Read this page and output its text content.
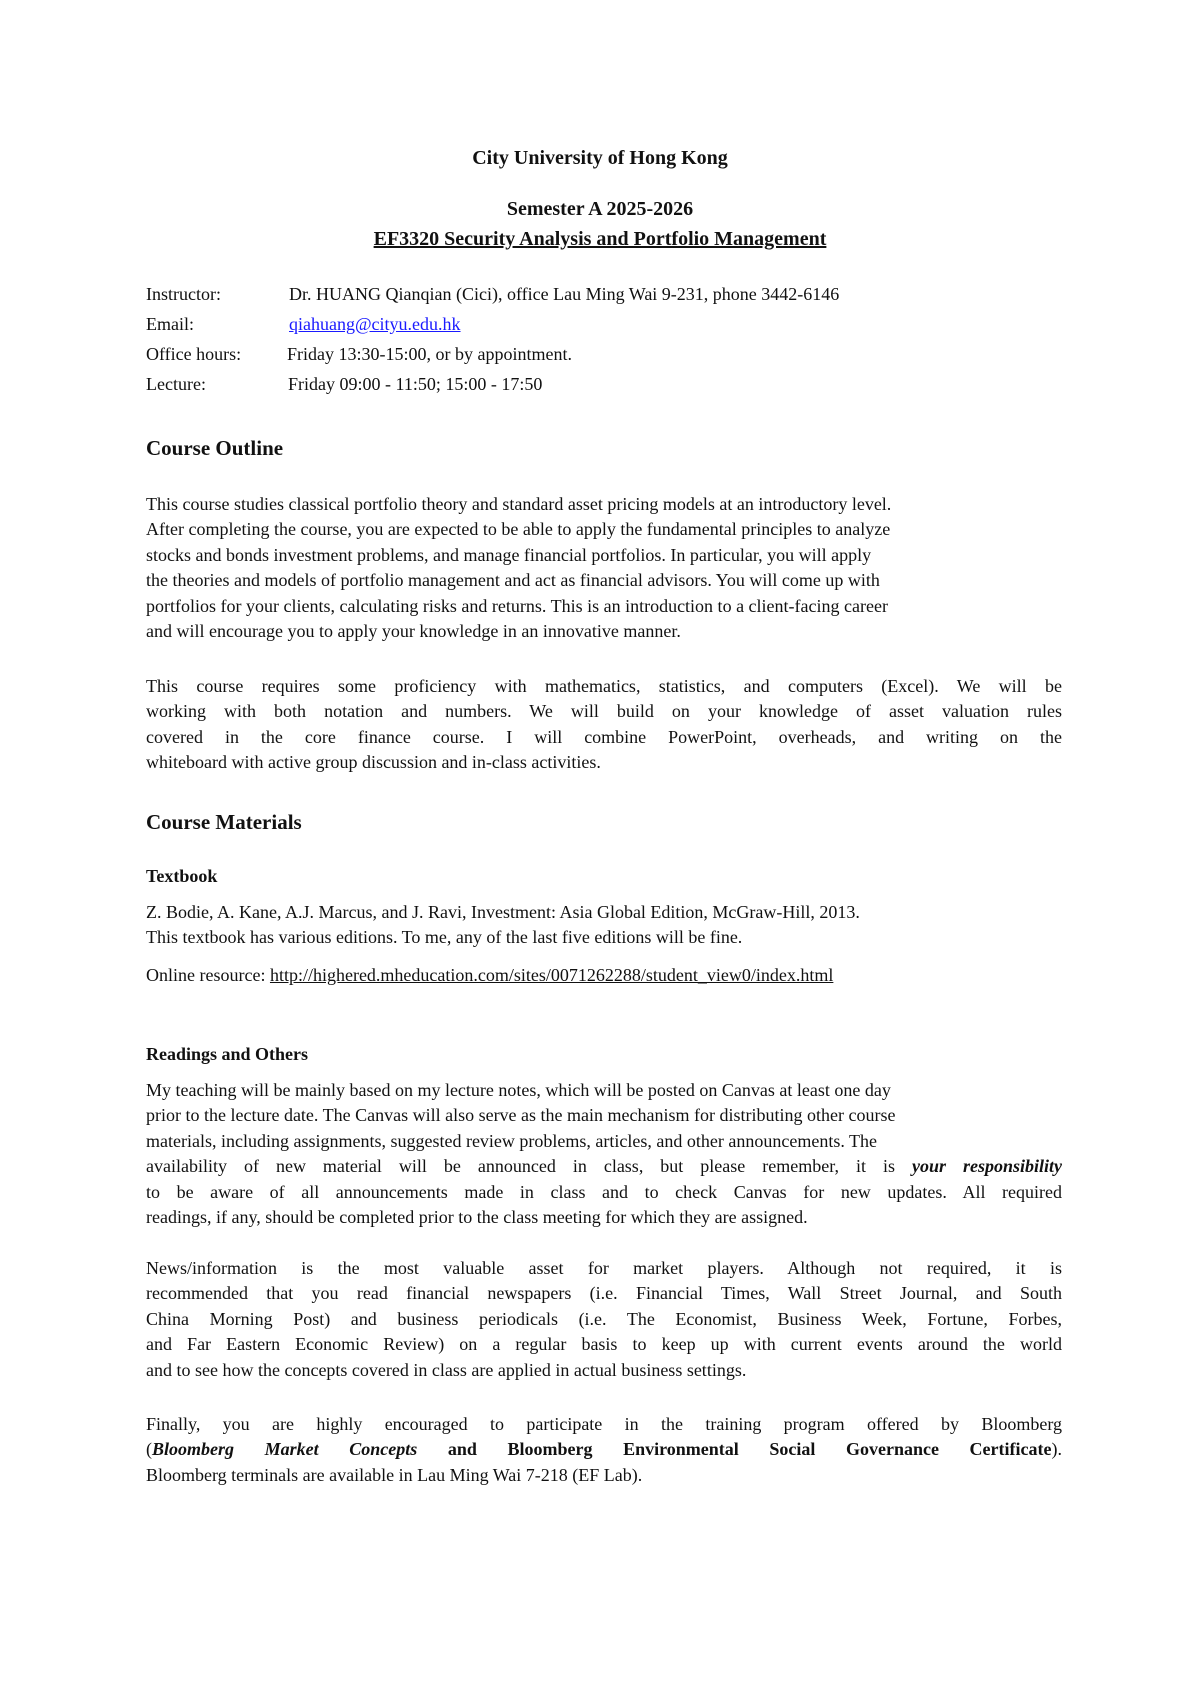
City University of Hong Kong
Semester A 2025-2026
EF3320 Security Analysis and Portfolio Management
Instructor:	Dr. HUANG Qianqian (Cici), office Lau Ming Wai 9-231, phone 3442-6146
Email:	qiahuang@cityu.edu.hk
Office hours:	Friday 13:30-15:00, or by appointment.
Lecture:	Friday 09:00 - 11:50; 15:00 - 17:50
Course Outline
This course studies classical portfolio theory and standard asset pricing models at an introductory level.
After completing the course, you are expected to be able to apply the fundamental principles to analyze
stocks and bonds investment problems, and manage financial portfolios. In particular, you will apply
the theories and models of portfolio management and act as financial advisors. You will come up with
portfolios for your clients, calculating risks and returns. This is an introduction to a client-facing career
and will encourage you to apply your knowledge in an innovative manner.
This course requires some proficiency with mathematics, statistics, and computers (Excel). We will be
working with both notation and numbers. We will build on your knowledge of asset valuation rules
covered in the core finance course. I will combine PowerPoint, overheads, and writing on the
whiteboard with active group discussion and in-class activities.
Course Materials
Textbook
Z. Bodie, A. Kane, A.J. Marcus, and J. Ravi, Investment: Asia Global Edition, McGraw-Hill, 2013.
This textbook has various editions. To me, any of the last five editions will be fine.
Online resource: http://highered.mheducation.com/sites/0071262288/student_view0/index.html
Readings and Others
My teaching will be mainly based on my lecture notes, which will be posted on Canvas at least one day
prior to the lecture date. The Canvas will also serve as the main mechanism for distributing other course
materials, including assignments, suggested review problems, articles, and other announcements. The
availability of new material will be announced in class, but please remember, it is your responsibility
to be aware of all announcements made in class and to check Canvas for new updates. All required
readings, if any, should be completed prior to the class meeting for which they are assigned.
News/information is the most valuable asset for market players. Although not required, it is
recommended that you read financial newspapers (i.e. Financial Times, Wall Street Journal, and South
China Morning Post) and business periodicals (i.e. The Economist, Business Week, Fortune, Forbes,
and Far Eastern Economic Review) on a regular basis to keep up with current events around the world
and to see how the concepts covered in class are applied in actual business settings.
Finally, you are highly encouraged to participate in the training program offered by Bloomberg
(Bloomberg Market Concepts and Bloomberg Environmental Social Governance Certificate).
Bloomberg terminals are available in Lau Ming Wai 7-218 (EF Lab).
